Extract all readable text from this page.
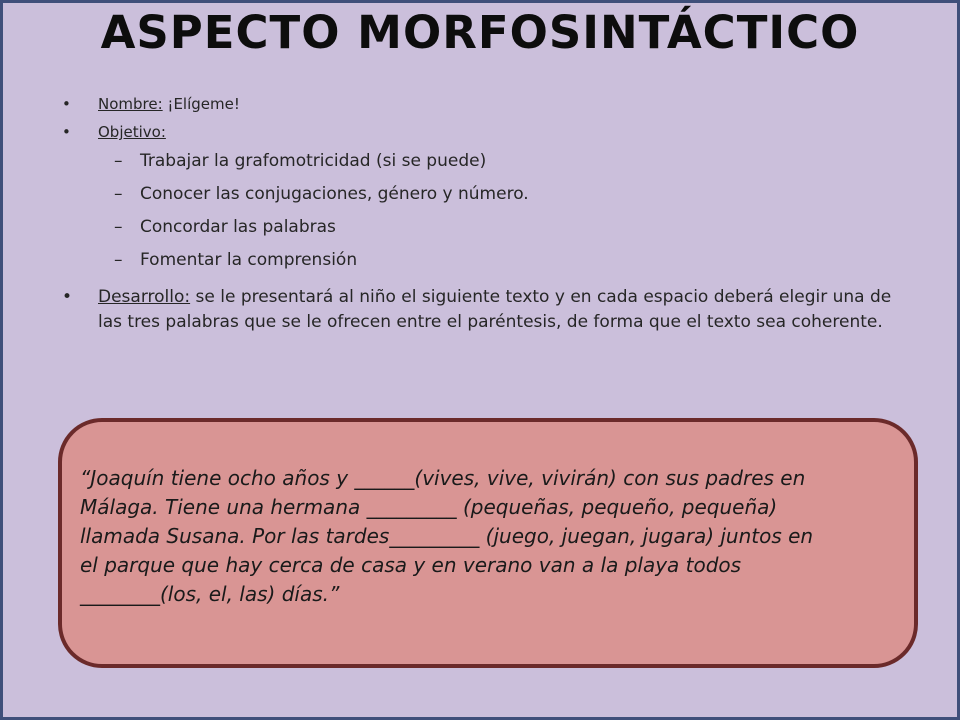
ASPECTO MORFOSINTÁCTICO
• Nombre: ¡Elígeme!
• Objetivo:
– Trabajar la grafomotricidad (si se puede)
– Conocer las conjugaciones, género y número.
– Concordar las palabras
– Fomentar la comprensión
• Desarrollo: se le presentará al niño el siguiente texto y en cada espacio deberá elegir una de las tres palabras que se le ofrecen entre el paréntesis, de forma que el texto sea coherente.
“Joaquín tiene ocho años y ______(vives, vive, vivirán) con sus padres en
Málaga. Tiene una hermana _________ (pequeñas, pequeño, pequeña)
llamada Susana. Por las tardes_________ (juego, juegan, jugara) juntos en
el parque que hay cerca de casa y en verano van a la playa todos
________(los, el, las) días.”
